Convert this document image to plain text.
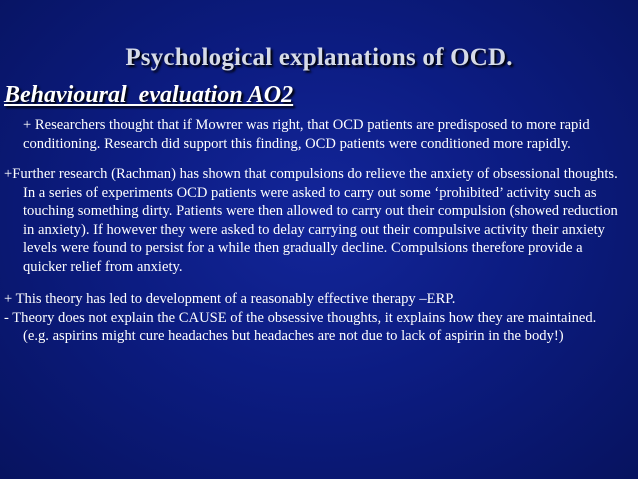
Psychological explanations of OCD.
Behavioural  evaluation AO2

+ Researchers thought that if Mowrer was right, that OCD patients are predisposed to more rapid conditioning. Research did support this finding, OCD patients were conditioned more rapidly.

+Further research (Rachman) has shown that compulsions do relieve the anxiety of obsessional thoughts. In a series of experiments OCD patients were asked to carry out some ‘prohibited’ activity such as touching something dirty. Patients were then allowed to carry out their compulsion (showed reduction in anxiety). If however they were asked to delay carrying out their compulsive activity their anxiety levels were found to persist for a while then gradually decline. Compulsions therefore provide a quicker relief from anxiety.

+ This theory has led to development of a reasonably effective therapy –ERP.

- Theory does not explain the CAUSE of the obsessive thoughts, it explains how they are maintained. (e.g. aspirins might cure headaches but headaches are not due to lack of aspirin in the body!)
